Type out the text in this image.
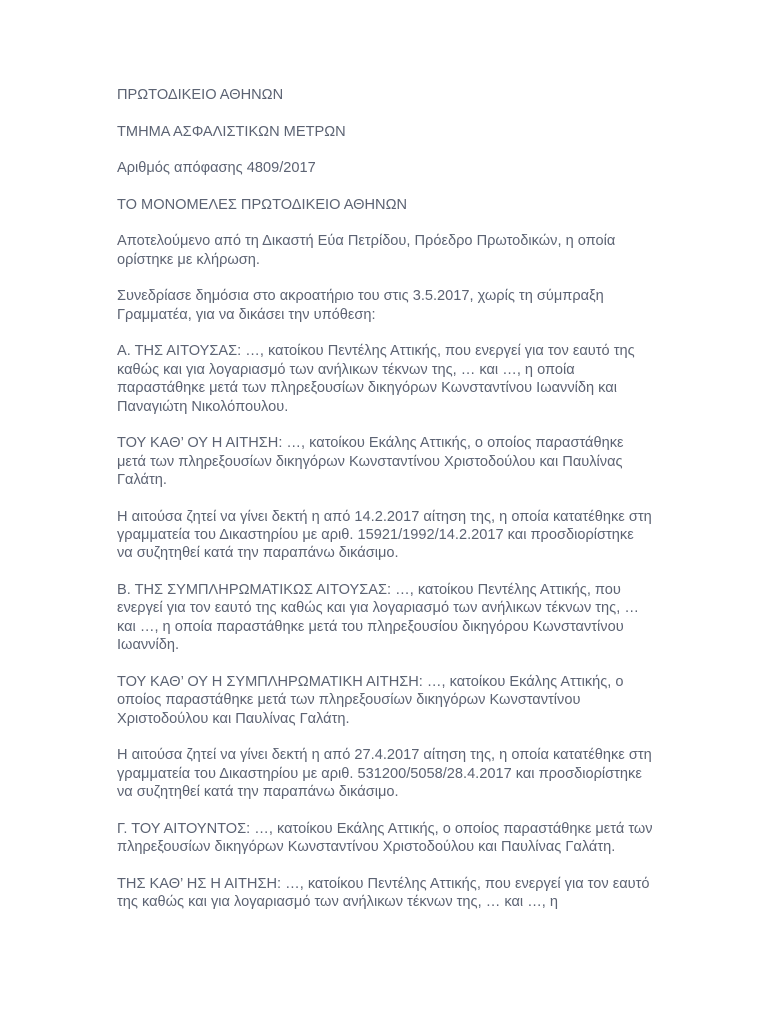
ΠΡΩΤΟΔΙΚΕΙΟ ΑΘΗΝΩΝ

ΤΜΗΜΑ ΑΣΦΑΛΙΣΤΙΚΩΝ ΜΕΤΡΩΝ

Αριθμός απόφασης 4809/2017

ΤΟ ΜΟΝΟΜΕΛΕΣ ΠΡΩΤΟΔΙΚΕΙΟ ΑΘΗΝΩΝ

Αποτελούμενο από τη Δικαστή Εύα Πετρίδου, Πρόεδρο Πρωτοδικών, η οποία ορίστηκε με κλήρωση.

Συνεδρίασε δημόσια στο ακροατήριο του στις 3.5.2017, χωρίς τη σύμπραξη Γραμματέα, για να δικάσει την υπόθεση:

Α. ΤΗΣ ΑΙΤΟΥΣΑΣ: …, κατοίκου Πεντέλης Αττικής, που ενεργεί για τον εαυτό της καθώς και για λογαριασμό των ανήλικων τέκνων της, … και …, η οποία παραστάθηκε μετά των πληρεξουσίων δικηγόρων Κωνσταντίνου Ιωαννίδη και Παναγιώτη Νικολόπουλου.

ΤΟΥ ΚΑΘ’ ΟΥ Η ΑΙΤΗΣΗ: …, κατοίκου Εκάλης Αττικής, ο οποίος παραστάθηκε μετά των πληρεξουσίων δικηγόρων Κωνσταντίνου Χριστοδούλου και Παυλίνας Γαλάτη.

Η αιτούσα ζητεί να γίνει δεκτή η από 14.2.2017 αίτηση της, η οποία κατατέθηκε στη γραμματεία του Δικαστηρίου με αριθ. 15921/1992/14.2.2017 και προσδιορίστηκε να συζητηθεί κατά την παραπάνω δικάσιμο.

Β. ΤΗΣ ΣΥΜΠΛΗΡΩΜΑΤΙΚΩΣ ΑΙΤΟΥΣΑΣ: …, κατοίκου Πεντέλης Αττικής, που ενεργεί για τον εαυτό της καθώς και για λογαριασμό των ανήλικων τέκνων της, … και …, η οποία παραστάθηκε μετά του πληρεξουσίου δικηγόρου Κωνσταντίνου Ιωαννίδη.

ΤΟΥ ΚΑΘ’ ΟΥ Η ΣΥΜΠΛΗΡΩΜΑΤΙΚΗ ΑΙΤΗΣΗ: …, κατοίκου Εκάλης Αττικής, ο οποίος παραστάθηκε μετά των πληρεξουσίων δικηγόρων Κωνσταντίνου Χριστοδούλου και Παυλίνας Γαλάτη.

Η αιτούσα ζητεί να γίνει δεκτή η από 27.4.2017 αίτηση της, η οποία κατατέθηκε στη γραμματεία του Δικαστηρίου με αριθ. 531200/5058/28.4.2017 και προσδιορίστηκε να συζητηθεί κατά την παραπάνω δικάσιμο.

Γ. ΤΟΥ ΑΙΤΟΥΝΤΟΣ: …, κατοίκου Εκάλης Αττικής, ο οποίος παραστάθηκε μετά των πληρεξουσίων δικηγόρων Κωνσταντίνου Χριστοδούλου και Παυλίνας Γαλάτη.

ΤΗΣ ΚΑΘ’ ΗΣ Η ΑΙΤΗΣΗ: …, κατοίκου Πεντέλης Αττικής, που ενεργεί για τον εαυτό της καθώς και για λογαριασμό των ανήλικων τέκνων της, … και …, η
